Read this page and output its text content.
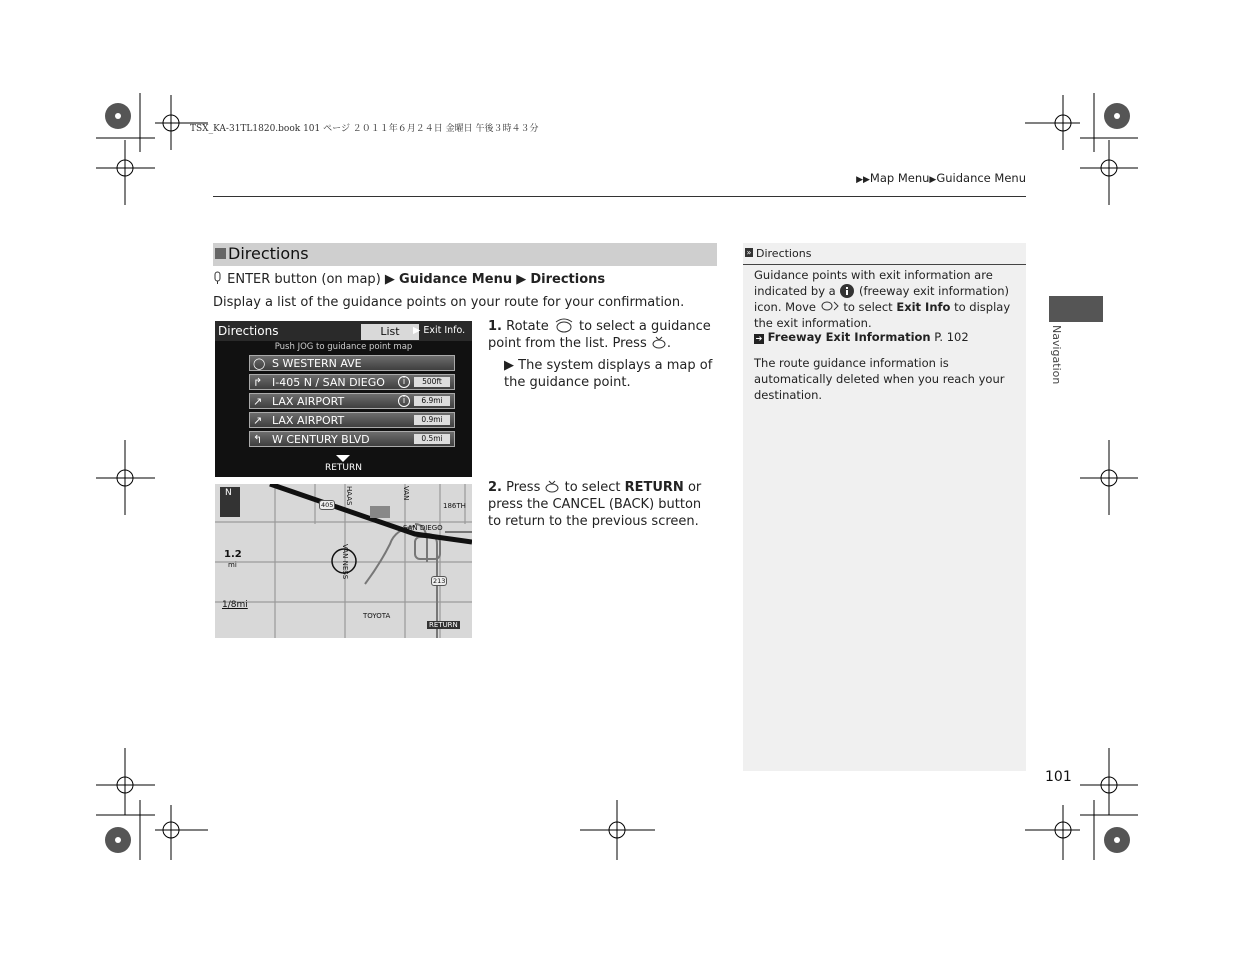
TSX_KA-31TL1820.book 101 ページ ２０１１年６月２４日 金曜日 午後３時４３分
▶▶Map Menu▶Guidance Menu
Directions
ENTER button (on map) ▶ Guidance Menu ▶ Directions
Display a list of the guidance points on your route for your confirmation.
Directions	List	▶ Exit Info.
Push JOG to guidance point map
◯ S WESTERN AVE
↱ I-405 N / SAN DIEGO	i	500ft
↗ LAX AIRPORT	i	6.9mi
↗ LAX AIRPORT	0.9mi
↰ W CENTURY BLVD	0.5mi
RETURN
N
1.2
mi
1/8mi
TOYOTA
SAN DIEGO
186TH
VAN NESS
HAAS	VAN
405
213
RETURN
1. Rotate to select a guidance point from the list. Press .
▶ The system displays a map of the guidance point.
2. Press to select RETURN or press the CANCEL (BACK) button to return to the previous screen.
» Directions
Guidance points with exit information are indicated by a (freeway exit information) icon. Move to select Exit Info to display the exit information.
➔ Freeway Exit Information P. 102
The route guidance information is automatically deleted when you reach your destination.
Navigation
101
